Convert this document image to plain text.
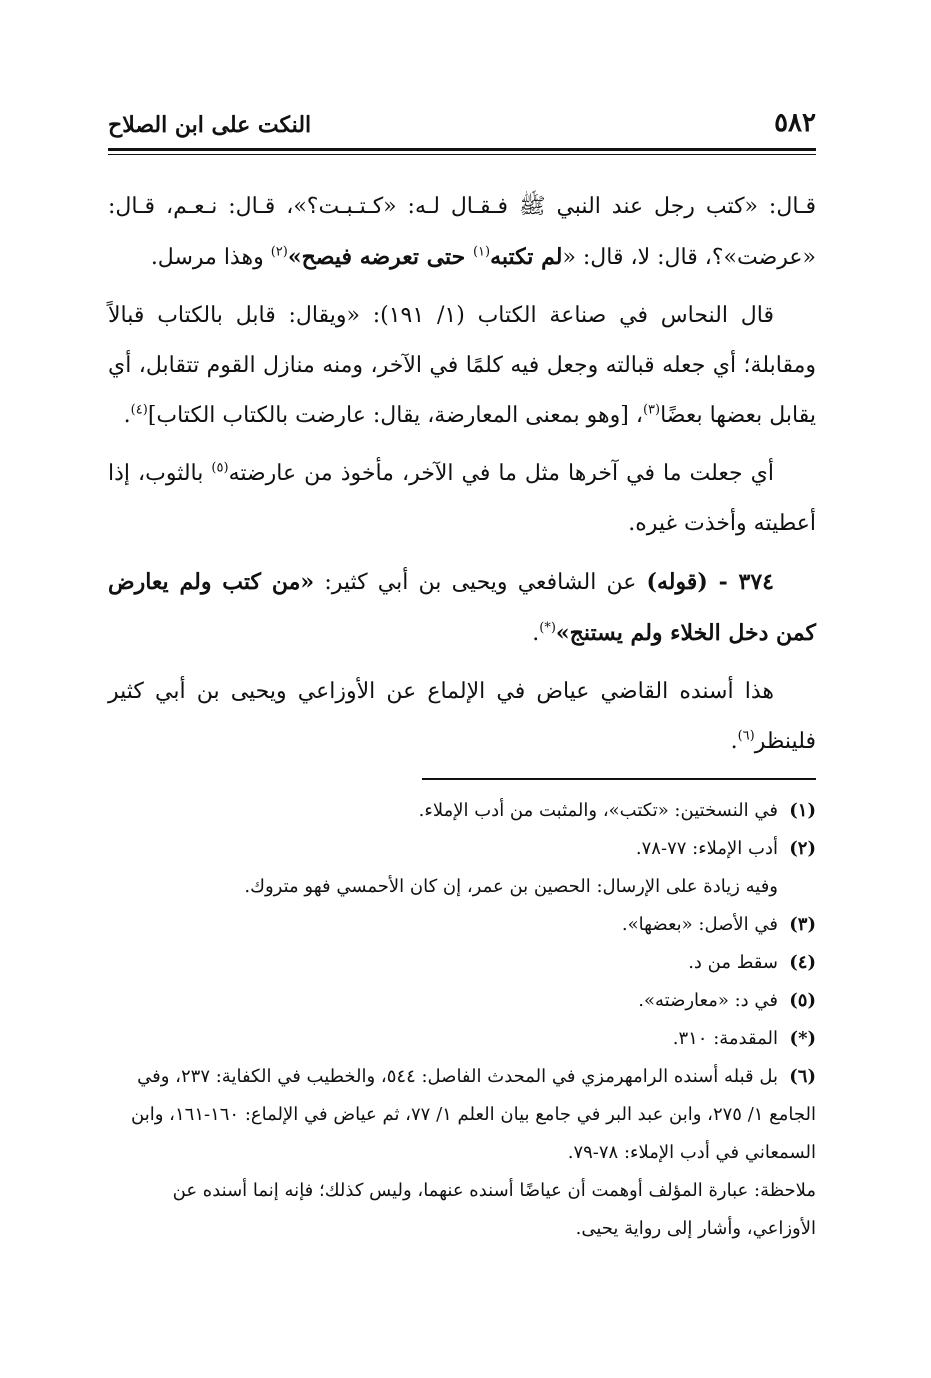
٥٨٢
النكت على ابن الصلاح

قـال: «كتب رجل عند النبي ﷺ فـقـال لـه: «كـتـبـت؟»، قـال: نـعـم، قـال: «عرضت»؟، قال: لا، قال: «لم تكتبه$^{(١)}$ حتى تعرضه فيصح»$^{(٢)}$ وهذا مرسل.

قال النحاس في صناعة الكتاب (١/ ١٩١): «ويقال: قابل بالكتاب قبالاً ومقابلة؛ أي جعله قبالته وجعل فيه كلمًا في الآخر، ومنه منازل القوم تتقابل، أي يقابل بعضها بعضًا$^{(٣)}$، [وهو بمعنى المعارضة، يقال: عارضت بالكتاب الكتاب]$^{(٤)}$.

أي جعلت ما في آخرها مثل ما في الآخر، مأخوذ من عارضته$^{(٥)}$ بالثوب، إذا أعطيته وأخذت غيره.

٣٧٤ - (قوله) عن الشافعي ويحيى بن أبي كثير: «من كتب ولم يعارض كمن دخل الخلاء ولم يستنج»(*).

هذا أسنده القاضي عياض في الإلماع عن الأوزاعي ويحيى بن أبي كثير فلينظر$^{(٦)}$.

(١)في النسختين: «تكتب»، والمثبت من أدب الإملاء.
(٢)أدب الإملاء: ٧٧-٧٨.
وفيه زيادة على الإرسال: الحصين بن عمر، إن كان الأحمسي فهو متروك.
(٣)في الأصل: «بعضها».
(٤)سقط من د.
(٥)في د: «معارضته».
(*)المقدمة: ٣١٠.
(٦)بل قبله أسنده الرامهرمزي في المحدث الفاصل: ٥٤٤، والخطيب في الكفاية: ٢٣٧، وفي الجامع ١/ ٢٧٥، وابن عبد البر في جامع بيان العلم ١/ ٧٧، ثم عياض في الإلماع: ١٦٠-١٦١، وابن السمعاني في أدب الإملاء: ٧٨-٧٩.
ملاحظة: عبارة المؤلف أوهمت أن عياضًا أسنده عنهما، وليس كذلك؛ فإنه إنما أسنده عن الأوزاعي، وأشار إلى رواية يحيى.
